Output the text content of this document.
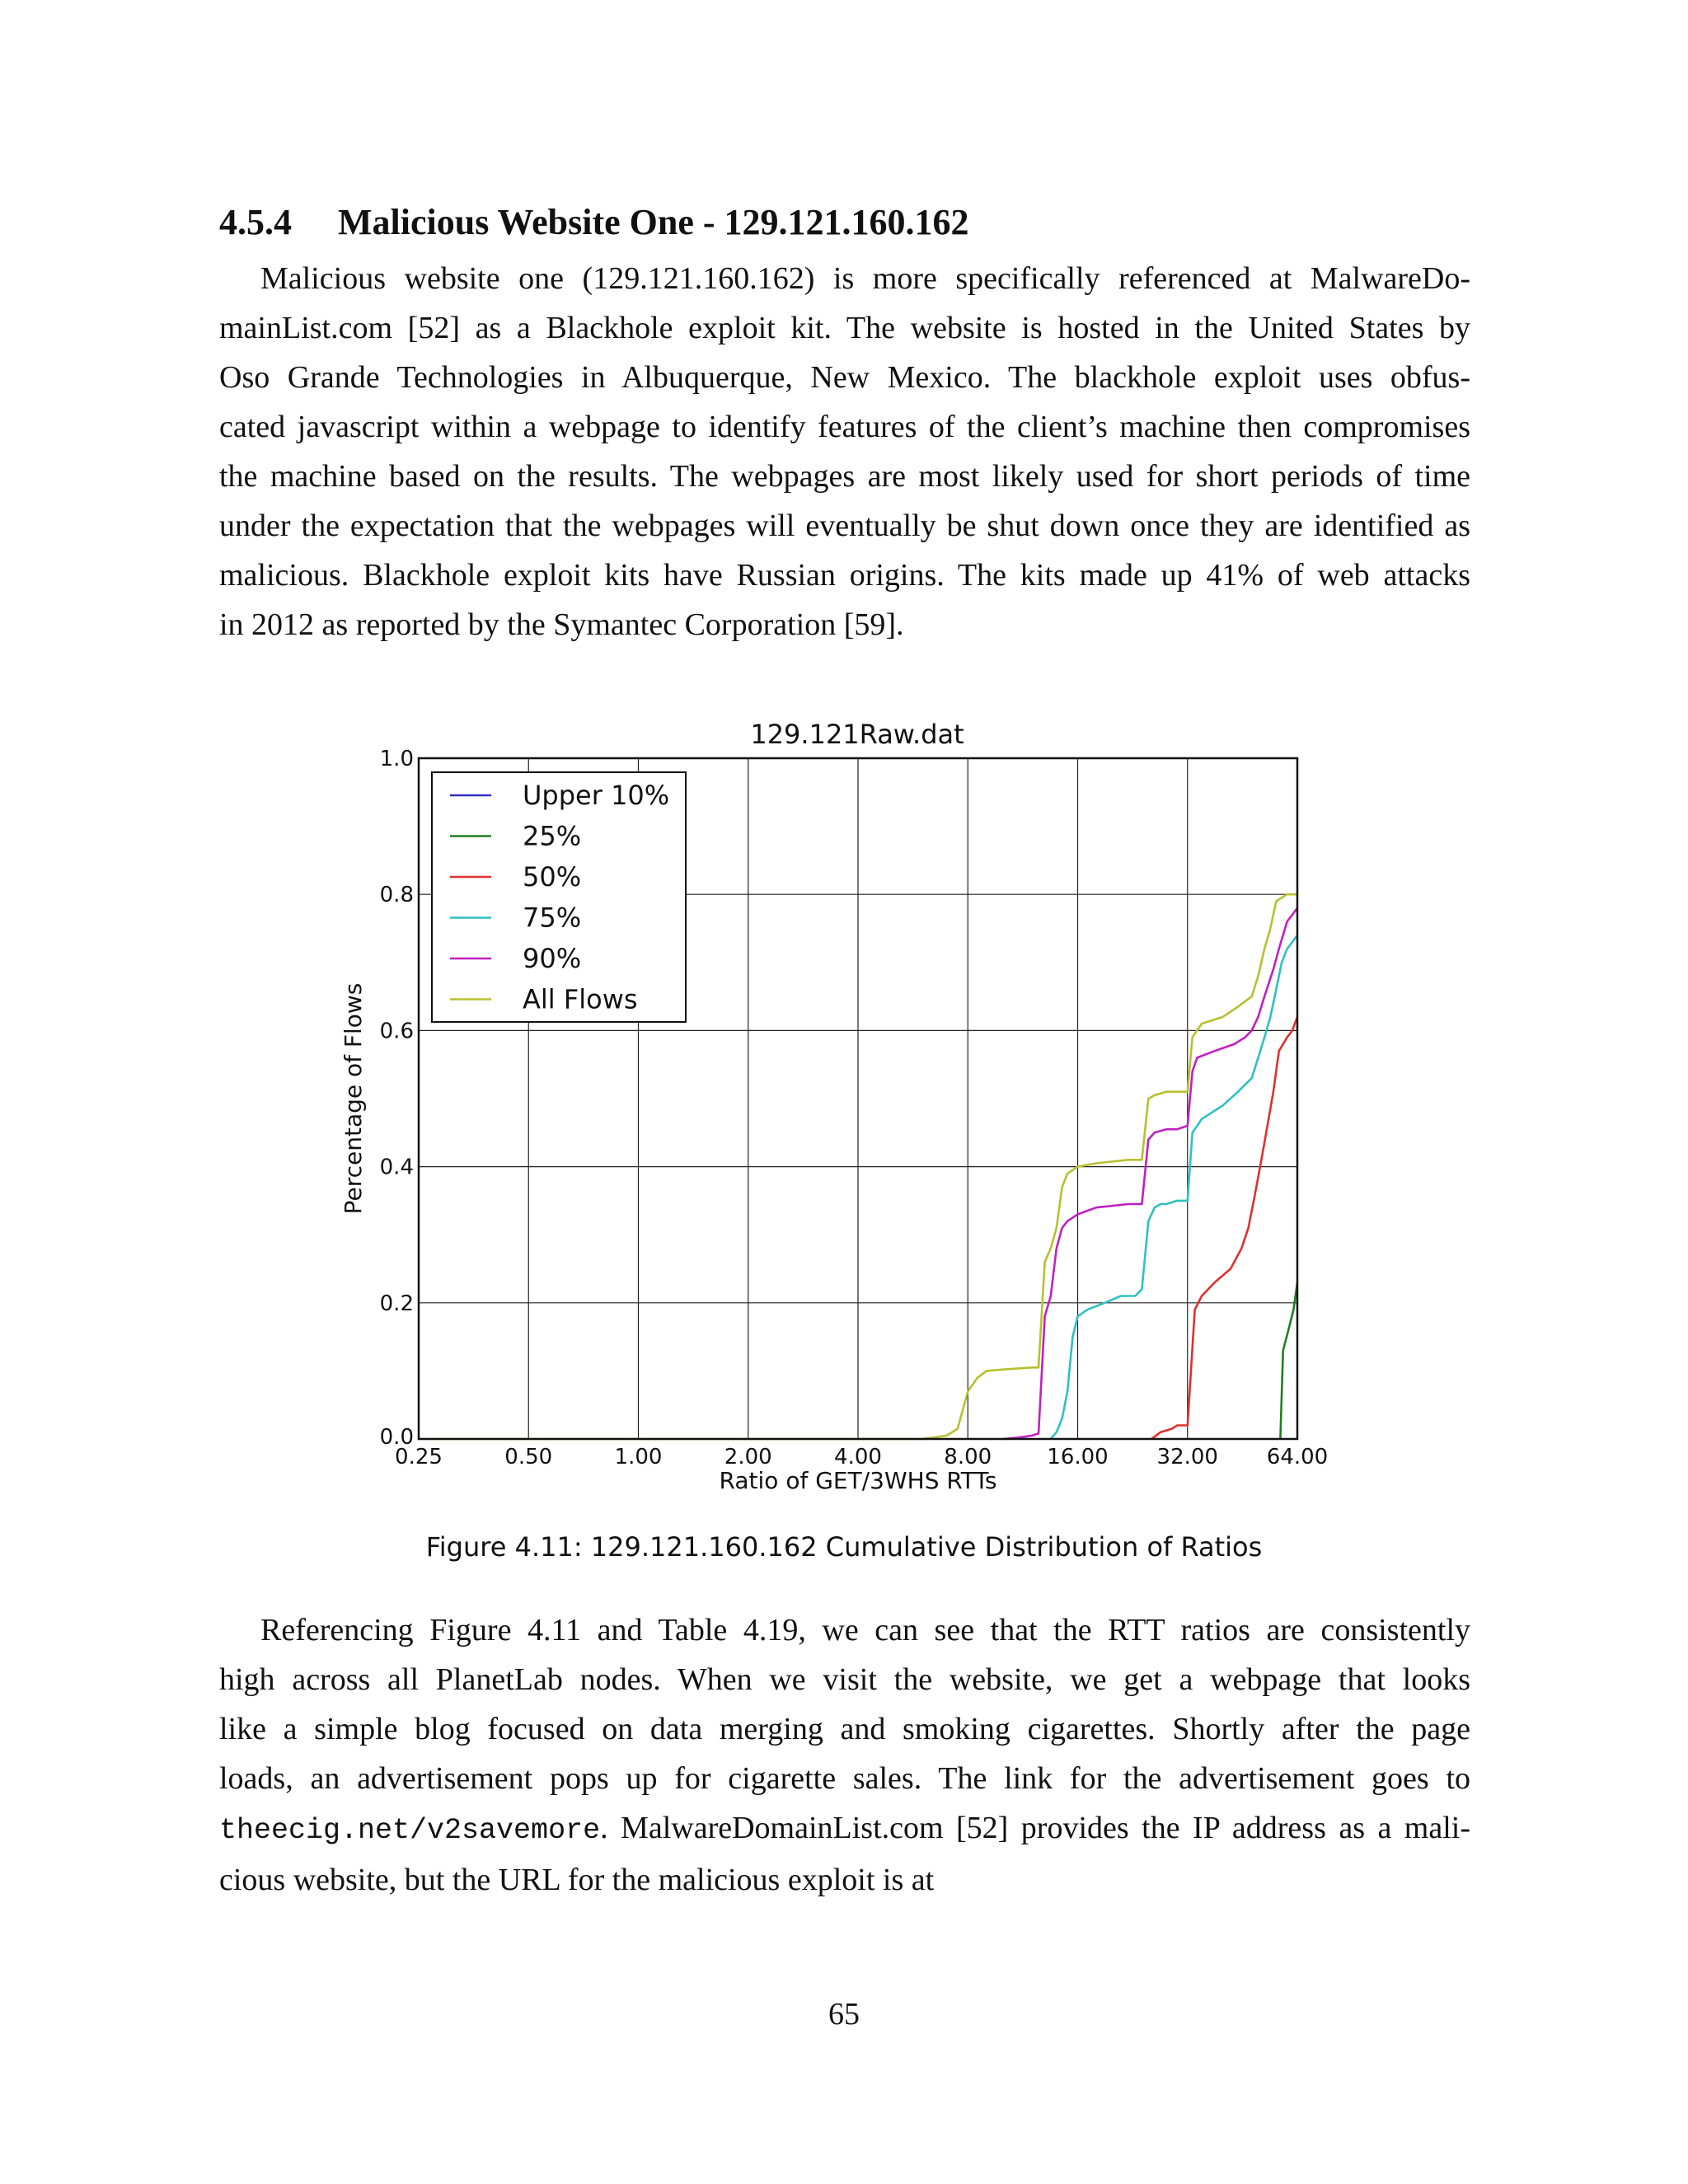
4.5.4 Malicious Website One - 129.121.160.162
Malicious website one (129.121.160.162) is more specifically referenced at MalwareDo-
mainList.com [52] as a Blackhole exploit kit. The website is hosted in the United States by
Oso Grande Technologies in Albuquerque, New Mexico. The blackhole exploit uses obfus-
cated javascript within a webpage to identify features of the client’s machine then compromises
the machine based on the results. The webpages are most likely used for short periods of time
under the expectation that the webpages will eventually be shut down once they are identified as
malicious. Blackhole exploit kits have Russian origins. The kits made up 41% of web attacks
in 2012 as reported by the Symantec Corporation [59].
129.121Raw.dat
0.25	0.50	1.00	2.00	4.00	8.00	16.00 32.00 64.00
0.0
0.2
0.4
0.6
0.8
1.0
Ratio of GET/3WHS RTTs
Percentage of Flows
Upper 10%
25%
50%
75%
90%
All Flows
Figure 4.11: 129.121.160.162 Cumulative Distribution of Ratios
Referencing Figure 4.11 and Table 4.19, we can see that the RTT ratios are consistently
high across all PlanetLab nodes. When we visit the website, we get a webpage that looks
like a simple blog focused on data merging and smoking cigarettes. Shortly after the page
loads, an advertisement pops up for cigarette sales. The link for the advertisement goes to
theecig.net/v2savemore. MalwareDomainList.com [52] provides the IP address as a mali-
cious website, but the URL for the malicious exploit is at
65
